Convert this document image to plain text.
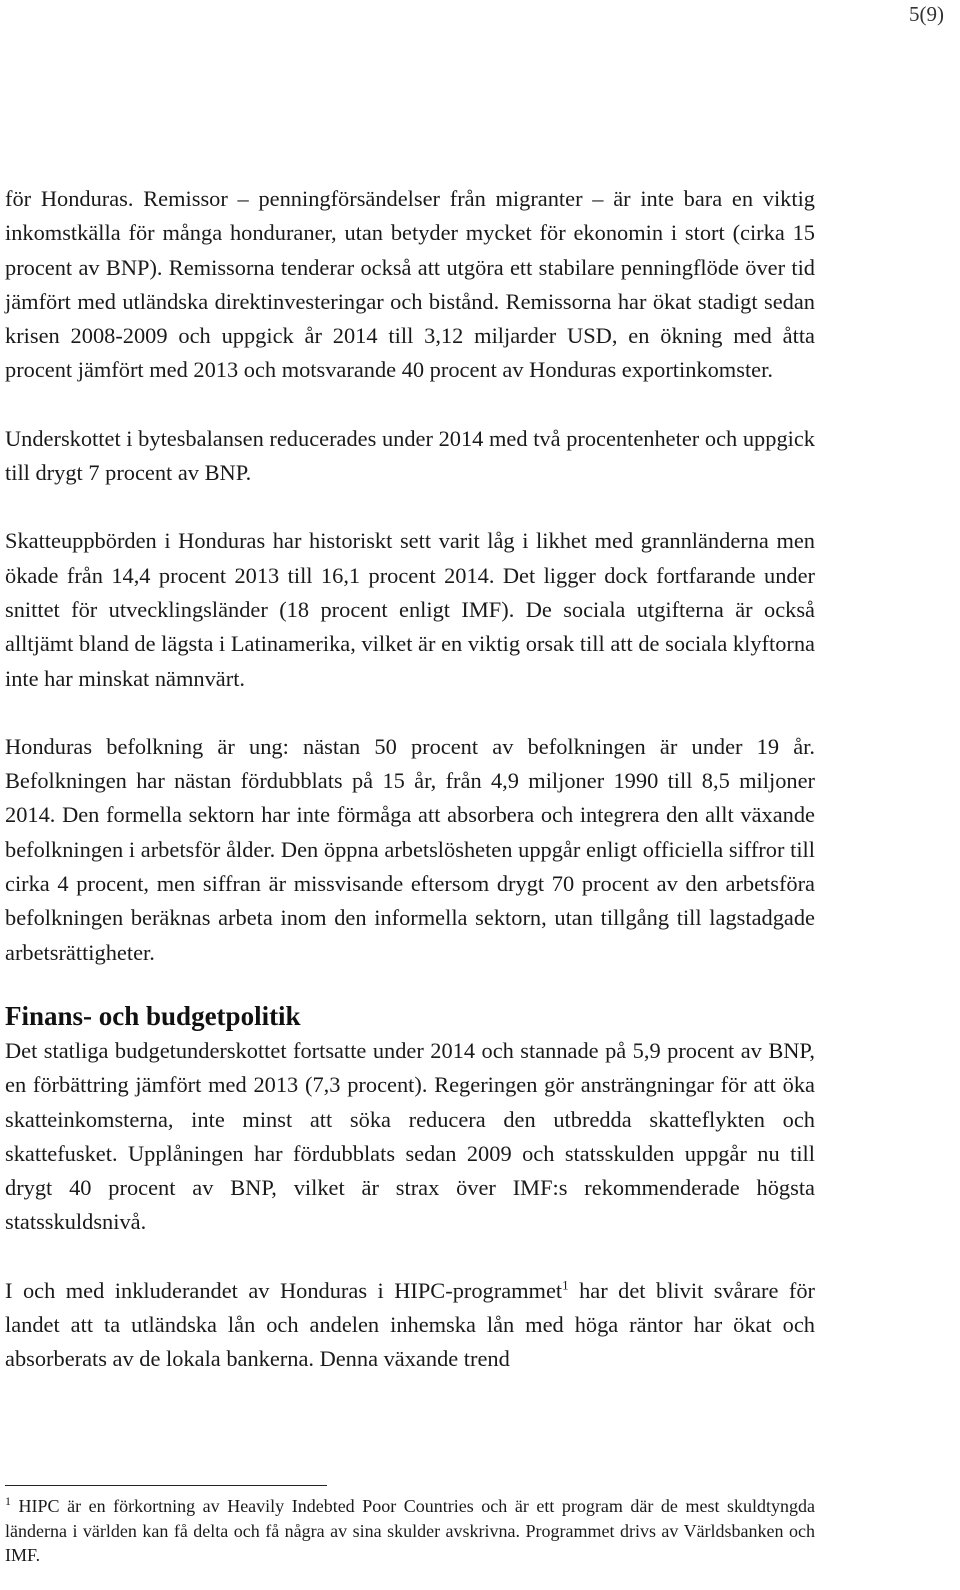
5(9)

för Honduras. Remissor – penningförsändelser från migranter – är inte bara en viktig inkomstkälla för många honduraner, utan betyder mycket för ekonomin i stort (cirka 15 procent av BNP). Remissorna tenderar också att utgöra ett stabilare penningflöde över tid jämfört med utländska direktinvesteringar och bistånd. Remissorna har ökat stadigt sedan krisen 2008-2009 och uppgick år 2014 till 3,12 miljarder USD, en ökning med åtta procent jämfört med 2013 och motsvarande 40 procent av Honduras exportinkomster.

Underskottet i bytesbalansen reducerades under 2014 med två procentenheter och uppgick till drygt 7 procent av BNP.

Skatteuppbörden i Honduras har historiskt sett varit låg i likhet med grannländerna men ökade från 14,4 procent 2013 till 16,1 procent 2014. Det ligger dock fortfarande under snittet för utvecklingsländer (18 procent enligt IMF). De sociala utgifterna är också alltjämt bland de lägsta i Latinamerika, vilket är en viktig orsak till att de sociala klyftorna inte har minskat nämnvärt.

Honduras befolkning är ung: nästan 50 procent av befolkningen är under 19 år. Befolkningen har nästan fördubblats på 15 år, från 4,9 miljoner 1990 till 8,5 miljoner 2014. Den formella sektorn har inte förmåga att absorbera och integrera den allt växande befolkningen i arbetsför ålder. Den öppna arbetslösheten uppgår enligt officiella siffror till cirka 4 procent, men siffran är missvisande eftersom drygt 70 procent av den arbetsföra befolkningen beräknas arbeta inom den informella sektorn, utan tillgång till lagstadgade arbetsrättigheter.

Finans- och budgetpolitik

Det statliga budgetunderskottet fortsatte under 2014 och stannade på 5,9 procent av BNP, en förbättring jämfört med 2013 (7,3 procent). Regeringen gör ansträngningar för att öka skatteinkomsterna, inte minst att söka reducera den utbredda skatteflykten och skattefusket. Upplåningen har fördubblats sedan 2009 och statsskulden uppgår nu till drygt 40 procent av BNP, vilket är strax över IMF:s rekommenderade högsta statsskuldsnivå.

I och med inkluderandet av Honduras i HIPC-programmet$^1$ har det blivit svårare för landet att ta utländska lån och andelen inhemska lån med höga räntor har ökat och absorberats av de lokala bankerna. Denna växande trend

$^1$ HIPC är en förkortning av Heavily Indebted Poor Countries och är ett program där de mest skuldtyngda länderna i världen kan få delta och få några av sina skulder avskrivna. Programmet drivs av Världsbanken och IMF.
